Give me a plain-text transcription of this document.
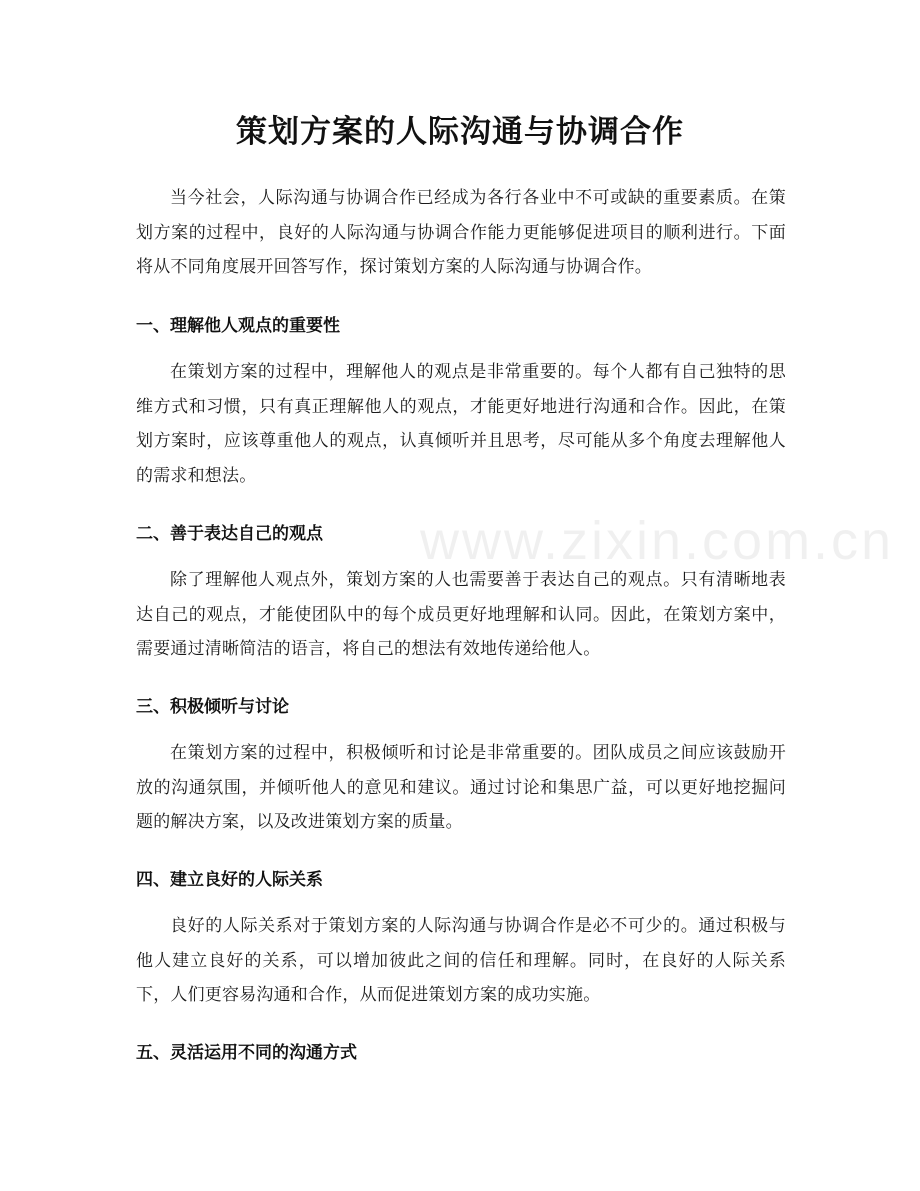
www.zixin.com.cn
策划方案的人际沟通与协调合作

当今社会，人际沟通与协调合作已经成为各行各业中不可或缺的重要素质。在策划方案的过程中，良好的人际沟通与协调合作能力更能够促进项目的顺利进行。下面将从不同角度展开回答写作，探讨策划方案的人际沟通与协调合作。

一、理解他人观点的重要性

在策划方案的过程中，理解他人的观点是非常重要的。每个人都有自己独特的思维方式和习惯，只有真正理解他人的观点，才能更好地进行沟通和合作。因此，在策划方案时，应该尊重他人的观点，认真倾听并且思考，尽可能从多个角度去理解他人的需求和想法。

二、善于表达自己的观点

除了理解他人观点外，策划方案的人也需要善于表达自己的观点。只有清晰地表达自己的观点，才能使团队中的每个成员更好地理解和认同。因此，在策划方案中，需要通过清晰简洁的语言，将自己的想法有效地传递给他人。

三、积极倾听与讨论

在策划方案的过程中，积极倾听和讨论是非常重要的。团队成员之间应该鼓励开放的沟通氛围，并倾听他人的意见和建议。通过讨论和集思广益，可以更好地挖掘问题的解决方案，以及改进策划方案的质量。

四、建立良好的人际关系

良好的人际关系对于策划方案的人际沟通与协调合作是必不可少的。通过积极与他人建立良好的关系，可以增加彼此之间的信任和理解。同时，在良好的人际关系下，人们更容易沟通和合作，从而促进策划方案的成功实施。

五、灵活运用不同的沟通方式
